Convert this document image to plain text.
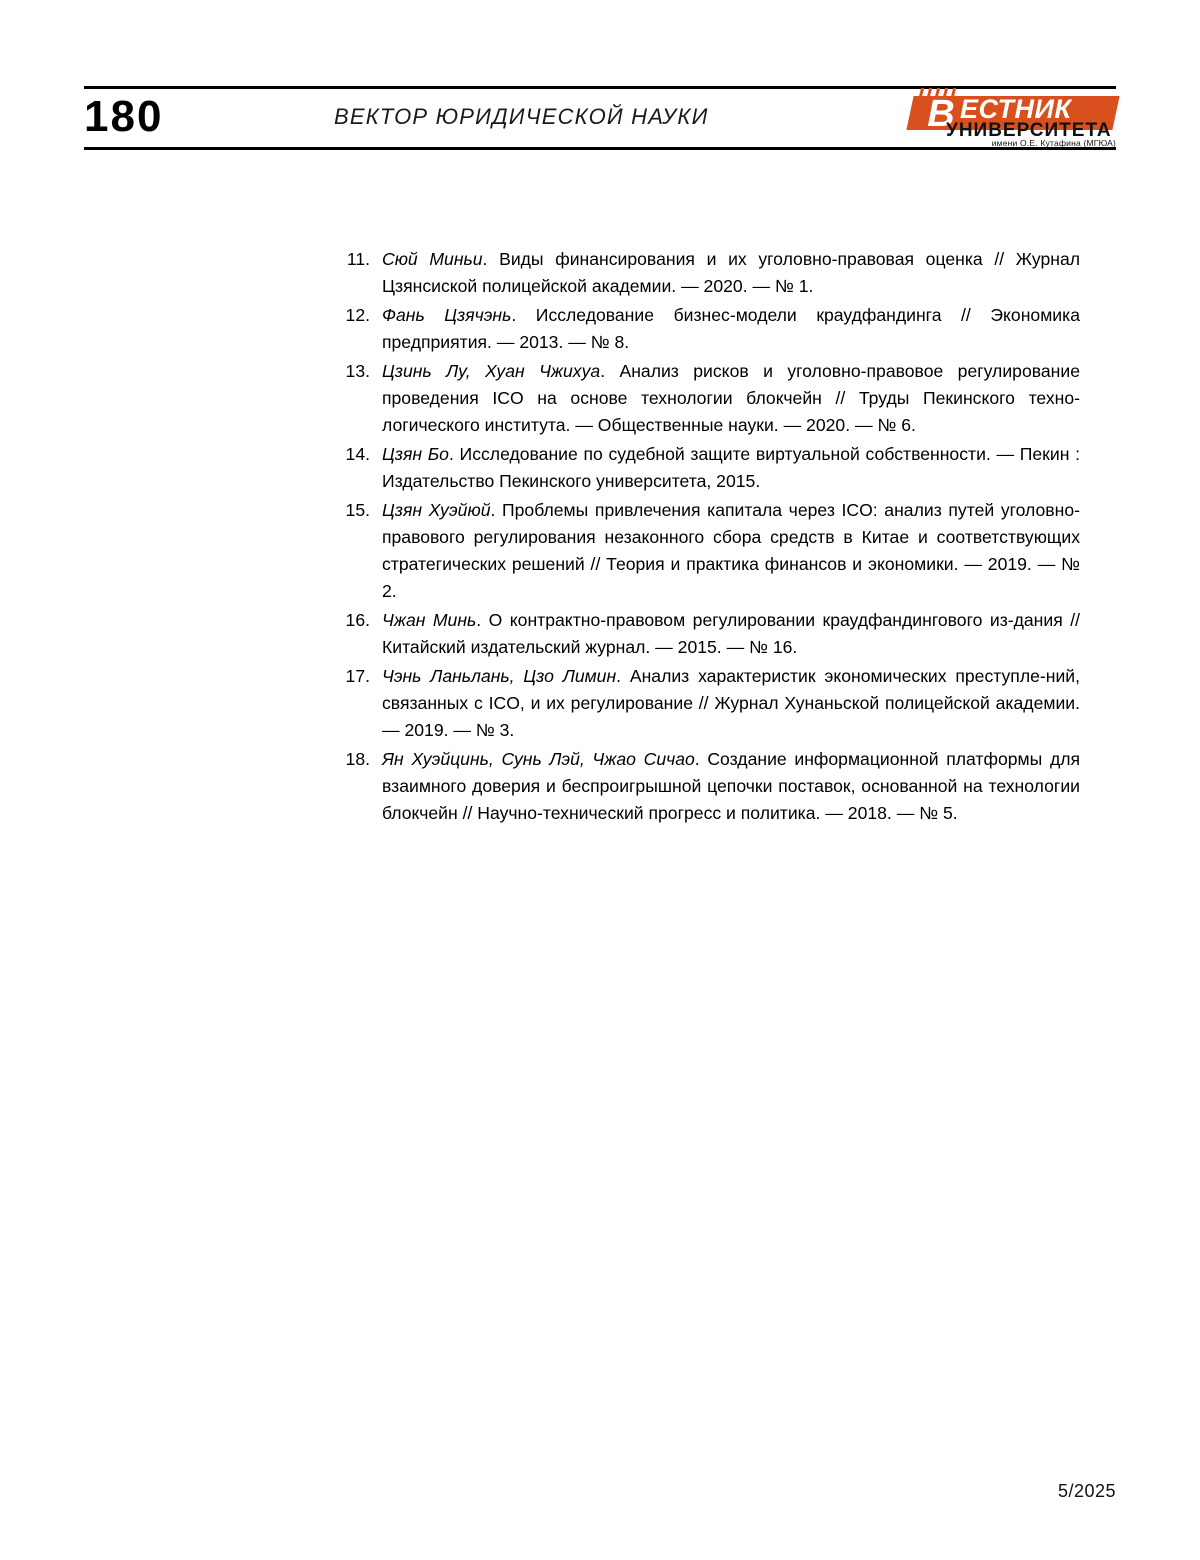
180	ВЕКТОР ЮРИДИЧЕСКОЙ НАУКИ	В ЕСТНИК
УНИВЕРСИТЕТА
имени О.Е. Кутафина (МГЮА)
11. Сюй Миньи. Виды финансирования и их уголовно-правовая оценка // Журнал Цзянсиской полицейской академии. — 2020. — № 1.
12. Фань Цзячэнь. Исследование бизнес-модели краудфандинга // Экономика предприятия. — 2013. — № 8.
13. Цзинь Лу, Хуан Чжихуа. Анализ рисков и уголовно-правовое регулирование проведения ICO на основе технологии блокчейн // Труды Пекинского техно-логического института. — Общественные науки. — 2020. — № 6.
14. Цзян Бо. Исследование по судебной защите виртуальной собственности. — Пекин : Издательство Пекинского университета, 2015.
15. Цзян Хуэйюй. Проблемы привлечения капитала через ICO: анализ путей уголовно-правового регулирования незаконного сбора средств в Китае и соответствующих стратегических решений // Теория и практика финансов и экономики. — 2019. — № 2.
16. Чжан Минь. О контрактно-правовом регулировании краудфандингового из-дания // Китайский издательский журнал. — 2015. — № 16.
17. Чэнь Ланьлань, Цзо Лимин. Анализ характеристик экономических преступле-ний, связанных с ICO, и их регулирование // Журнал Хунаньской полицейской академии. — 2019. — № 3.
18. Ян Хуэйцинь, Сунь Лэй, Чжао Сичао. Создание информационной платформы для взаимного доверия и беспроигрышной цепочки поставок, основанной на технологии блокчейн // Научно-технический прогресс и политика. — 2018. — № 5.
5/2025
